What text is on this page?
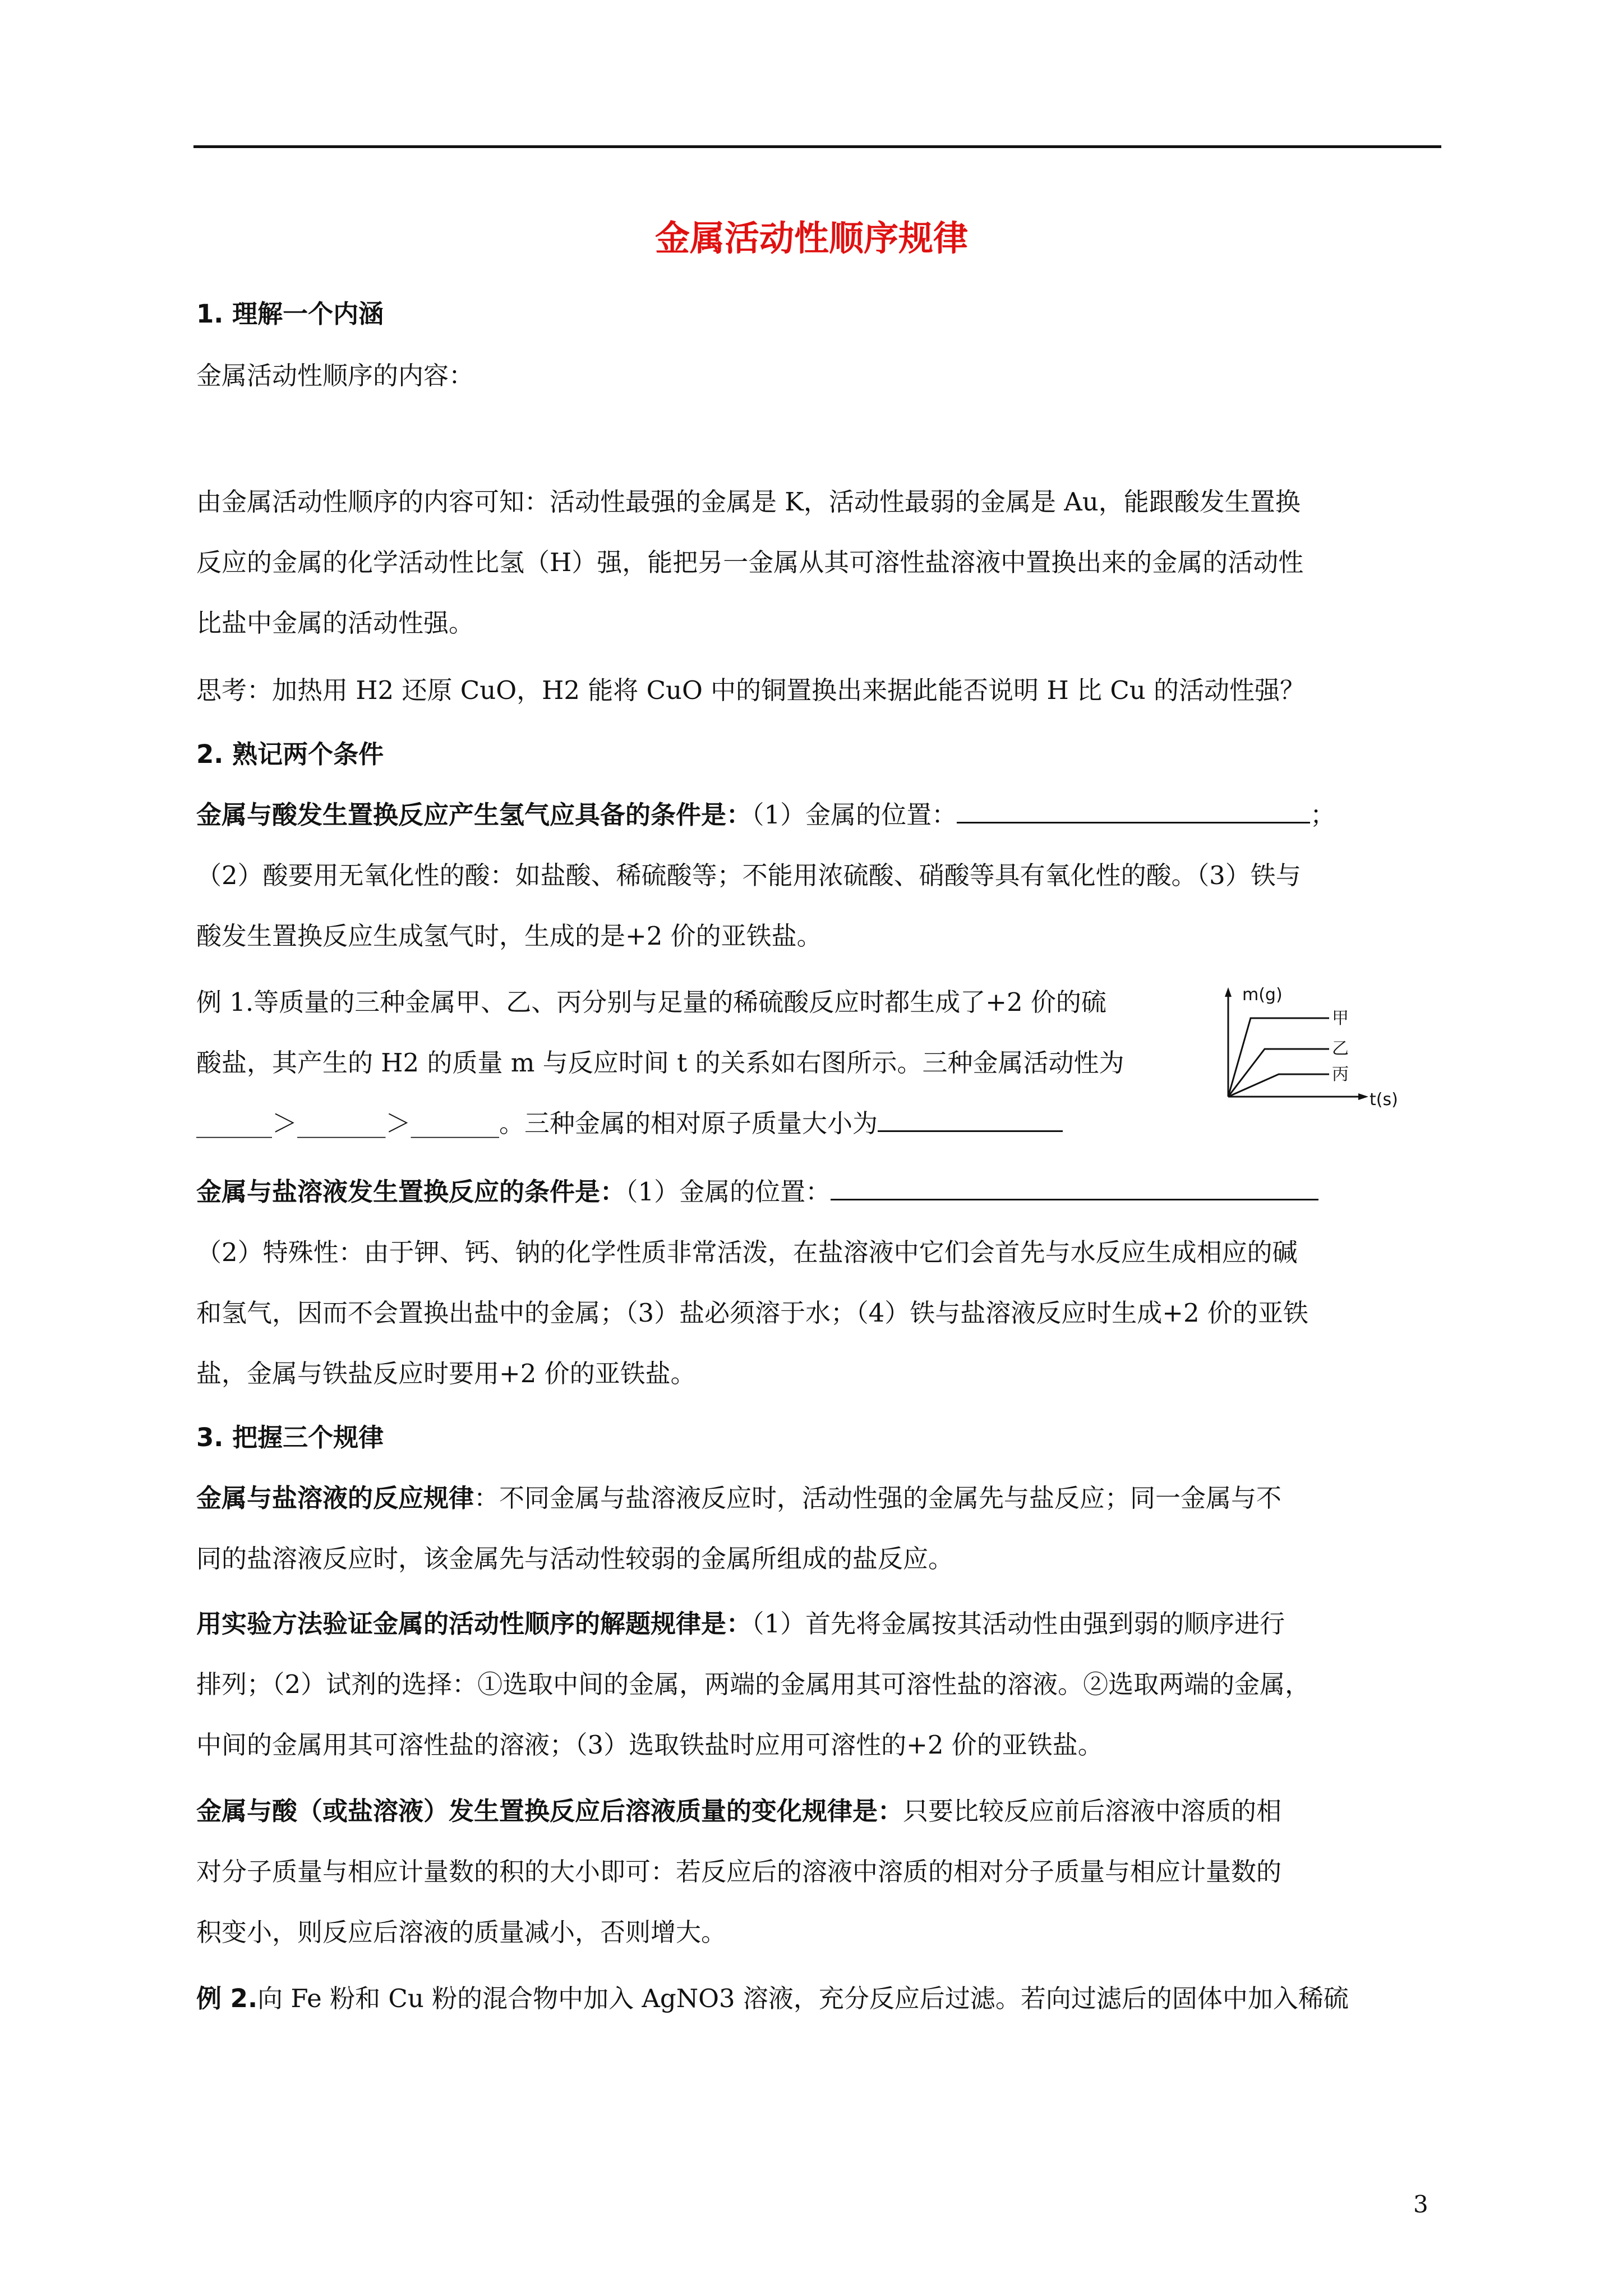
金属活动性顺序规律
1. 理解一个内涵
金属活动性顺序的内容：
由金属活动性顺序的内容可知：活动性最强的金属是 K，活动性最弱的金属是 Au，能跟酸发生置换
反应的金属的化学活动性比氢（H）强，能把另一金属从其可溶性盐溶液中置换出来的金属的活动性
比盐中金属的活动性强。
思考：加热用 H2 还原 CuO，H2 能将 CuO 中的铜置换出来据此能否说明 H 比 Cu 的活动性强？
2. 熟记两个条件
金属与酸发生置换反应产生氢气应具备的条件是：（1）金属的位置：	；
（2）酸要用无氧化性的酸：如盐酸、稀硫酸等；不能用浓硫酸、硝酸等具有氧化性的酸。（3）铁与
酸发生置换反应生成氢气时，生成的是+2 价的亚铁盐。
例 1.等质量的三种金属甲、乙、丙分别与足量的稀硫酸反应时都生成了+2 价的硫
酸盐，其产生的 H2 的质量 m 与反应时间 t 的关系如右图所示。三种金属活动性为
______＞_______＞_______。三种金属的相对原子质量大小为
m(g)
t(s)
甲
乙
丙
金属与盐溶液发生置换反应的条件是：（1）金属的位置：
（2）特殊性：由于钾、钙、钠的化学性质非常活泼，在盐溶液中它们会首先与水反应生成相应的碱
和氢气，因而不会置换出盐中的金属；（3）盐必须溶于水；（4）铁与盐溶液反应时生成+2 价的亚铁
盐，金属与铁盐反应时要用+2 价的亚铁盐。
3. 把握三个规律
金属与盐溶液的反应规律：不同金属与盐溶液反应时，活动性强的金属先与盐反应；同一金属与不
同的盐溶液反应时，该金属先与活动性较弱的金属所组成的盐反应。
用实验方法验证金属的活动性顺序的解题规律是：（1）首先将金属按其活动性由强到弱的顺序进行
排列；（2）试剂的选择：①选取中间的金属，两端的金属用其可溶性盐的溶液。②选取两端的金属，
中间的金属用其可溶性盐的溶液；（3）选取铁盐时应用可溶性的+2 价的亚铁盐。
金属与酸（或盐溶液）发生置换反应后溶液质量的变化规律是：只要比较反应前后溶液中溶质的相
对分子质量与相应计量数的积的大小即可：若反应后的溶液中溶质的相对分子质量与相应计量数的
积变小，则反应后溶液的质量减小，否则增大。
例 2.向 Fe 粉和 Cu 粉的混合物中加入 AgNO3 溶液，充分反应后过滤。若向过滤后的固体中加入稀硫
3
